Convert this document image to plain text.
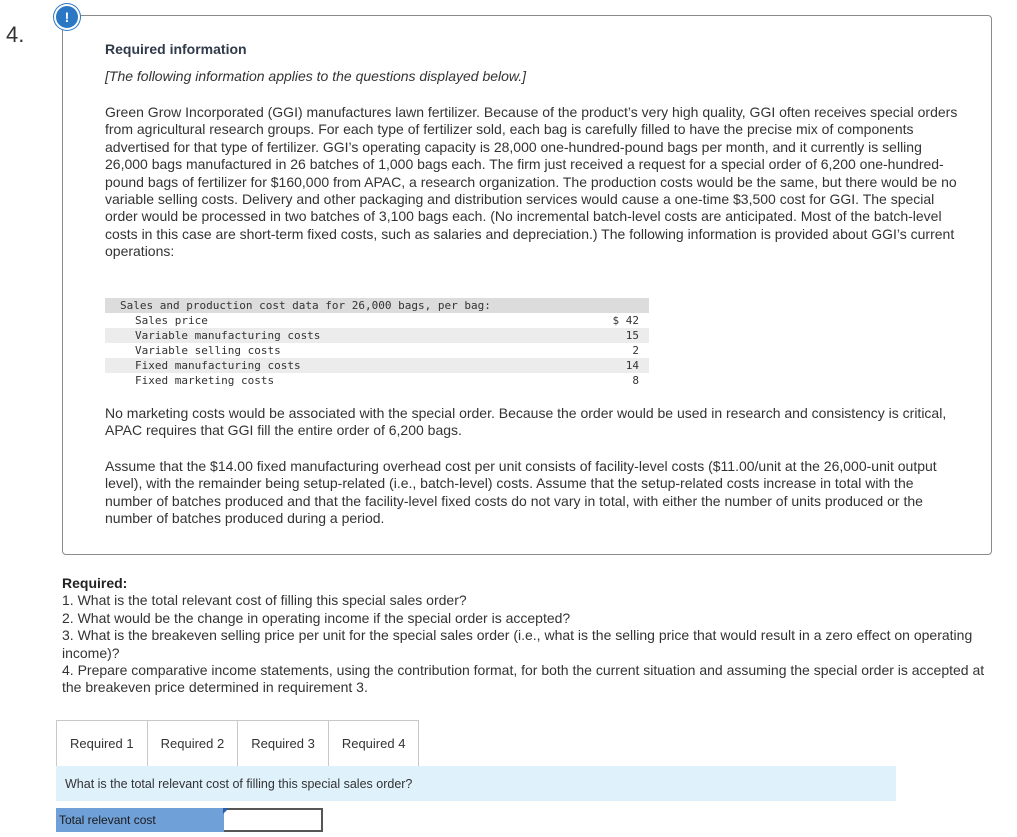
4.
!
Required information
[The following information applies to the questions displayed below.]

Green Grow Incorporated (GGI) manufactures lawn fertilizer. Because of the product’s very high quality, GGI often receives special orders from agricultural research groups. For each type of fertilizer sold, each bag is carefully filled to have the precise mix of components advertised for that type of fertilizer. GGI’s operating capacity is 28,000 one-hundred-pound bags per month, and it currently is selling 26,000 bags manufactured in 26 batches of 1,000 bags each. The firm just received a request for a special order of 6,200 one-hundred-pound bags of fertilizer for $160,000 from APAC, a research organization. The production costs would be the same, but there would be no variable selling costs. Delivery and other packaging and distribution services would cause a one-time $3,500 cost for GGI. The special order would be processed in two batches of 3,100 bags each. (No incremental batch-level costs are anticipated. Most of the batch-level costs in this case are short-term fixed costs, such as salaries and depreciation.) The following information is provided about GGI’s current operations:

Sales and production cost data for 26,000 bags, per bag:
Sales price	$ 42
Variable manufacturing costs	15
Variable selling costs	2
Fixed manufacturing costs	14
Fixed marketing costs	8

No marketing costs would be associated with the special order. Because the order would be used in research and consistency is critical, APAC requires that GGI fill the entire order of 6,200 bags.

Assume that the $14.00 fixed manufacturing overhead cost per unit consists of facility-level costs ($11.00/unit at the 26,000-unit output level), with the remainder being setup-related (i.e., batch-level) costs. Assume that the setup-related costs increase in total with the number of batches produced and that the facility-level fixed costs do not vary in total, with either the number of units produced or the number of batches produced during a period.

Required:

1. What is the total relevant cost of filling this special sales order?

2. What would be the change in operating income if the special order is accepted?

3. What is the breakeven selling price per unit for the special sales order (i.e., what is the selling price that would result in a zero effect on operating income)?

4. Prepare comparative income statements, using the contribution format, for both the current situation and assuming the special order is accepted at the breakeven price determined in requirement 3.

Required 1	Required 2	Required 3	Required 4
What is the total relevant cost of filling this special sales order?
Total relevant cost
